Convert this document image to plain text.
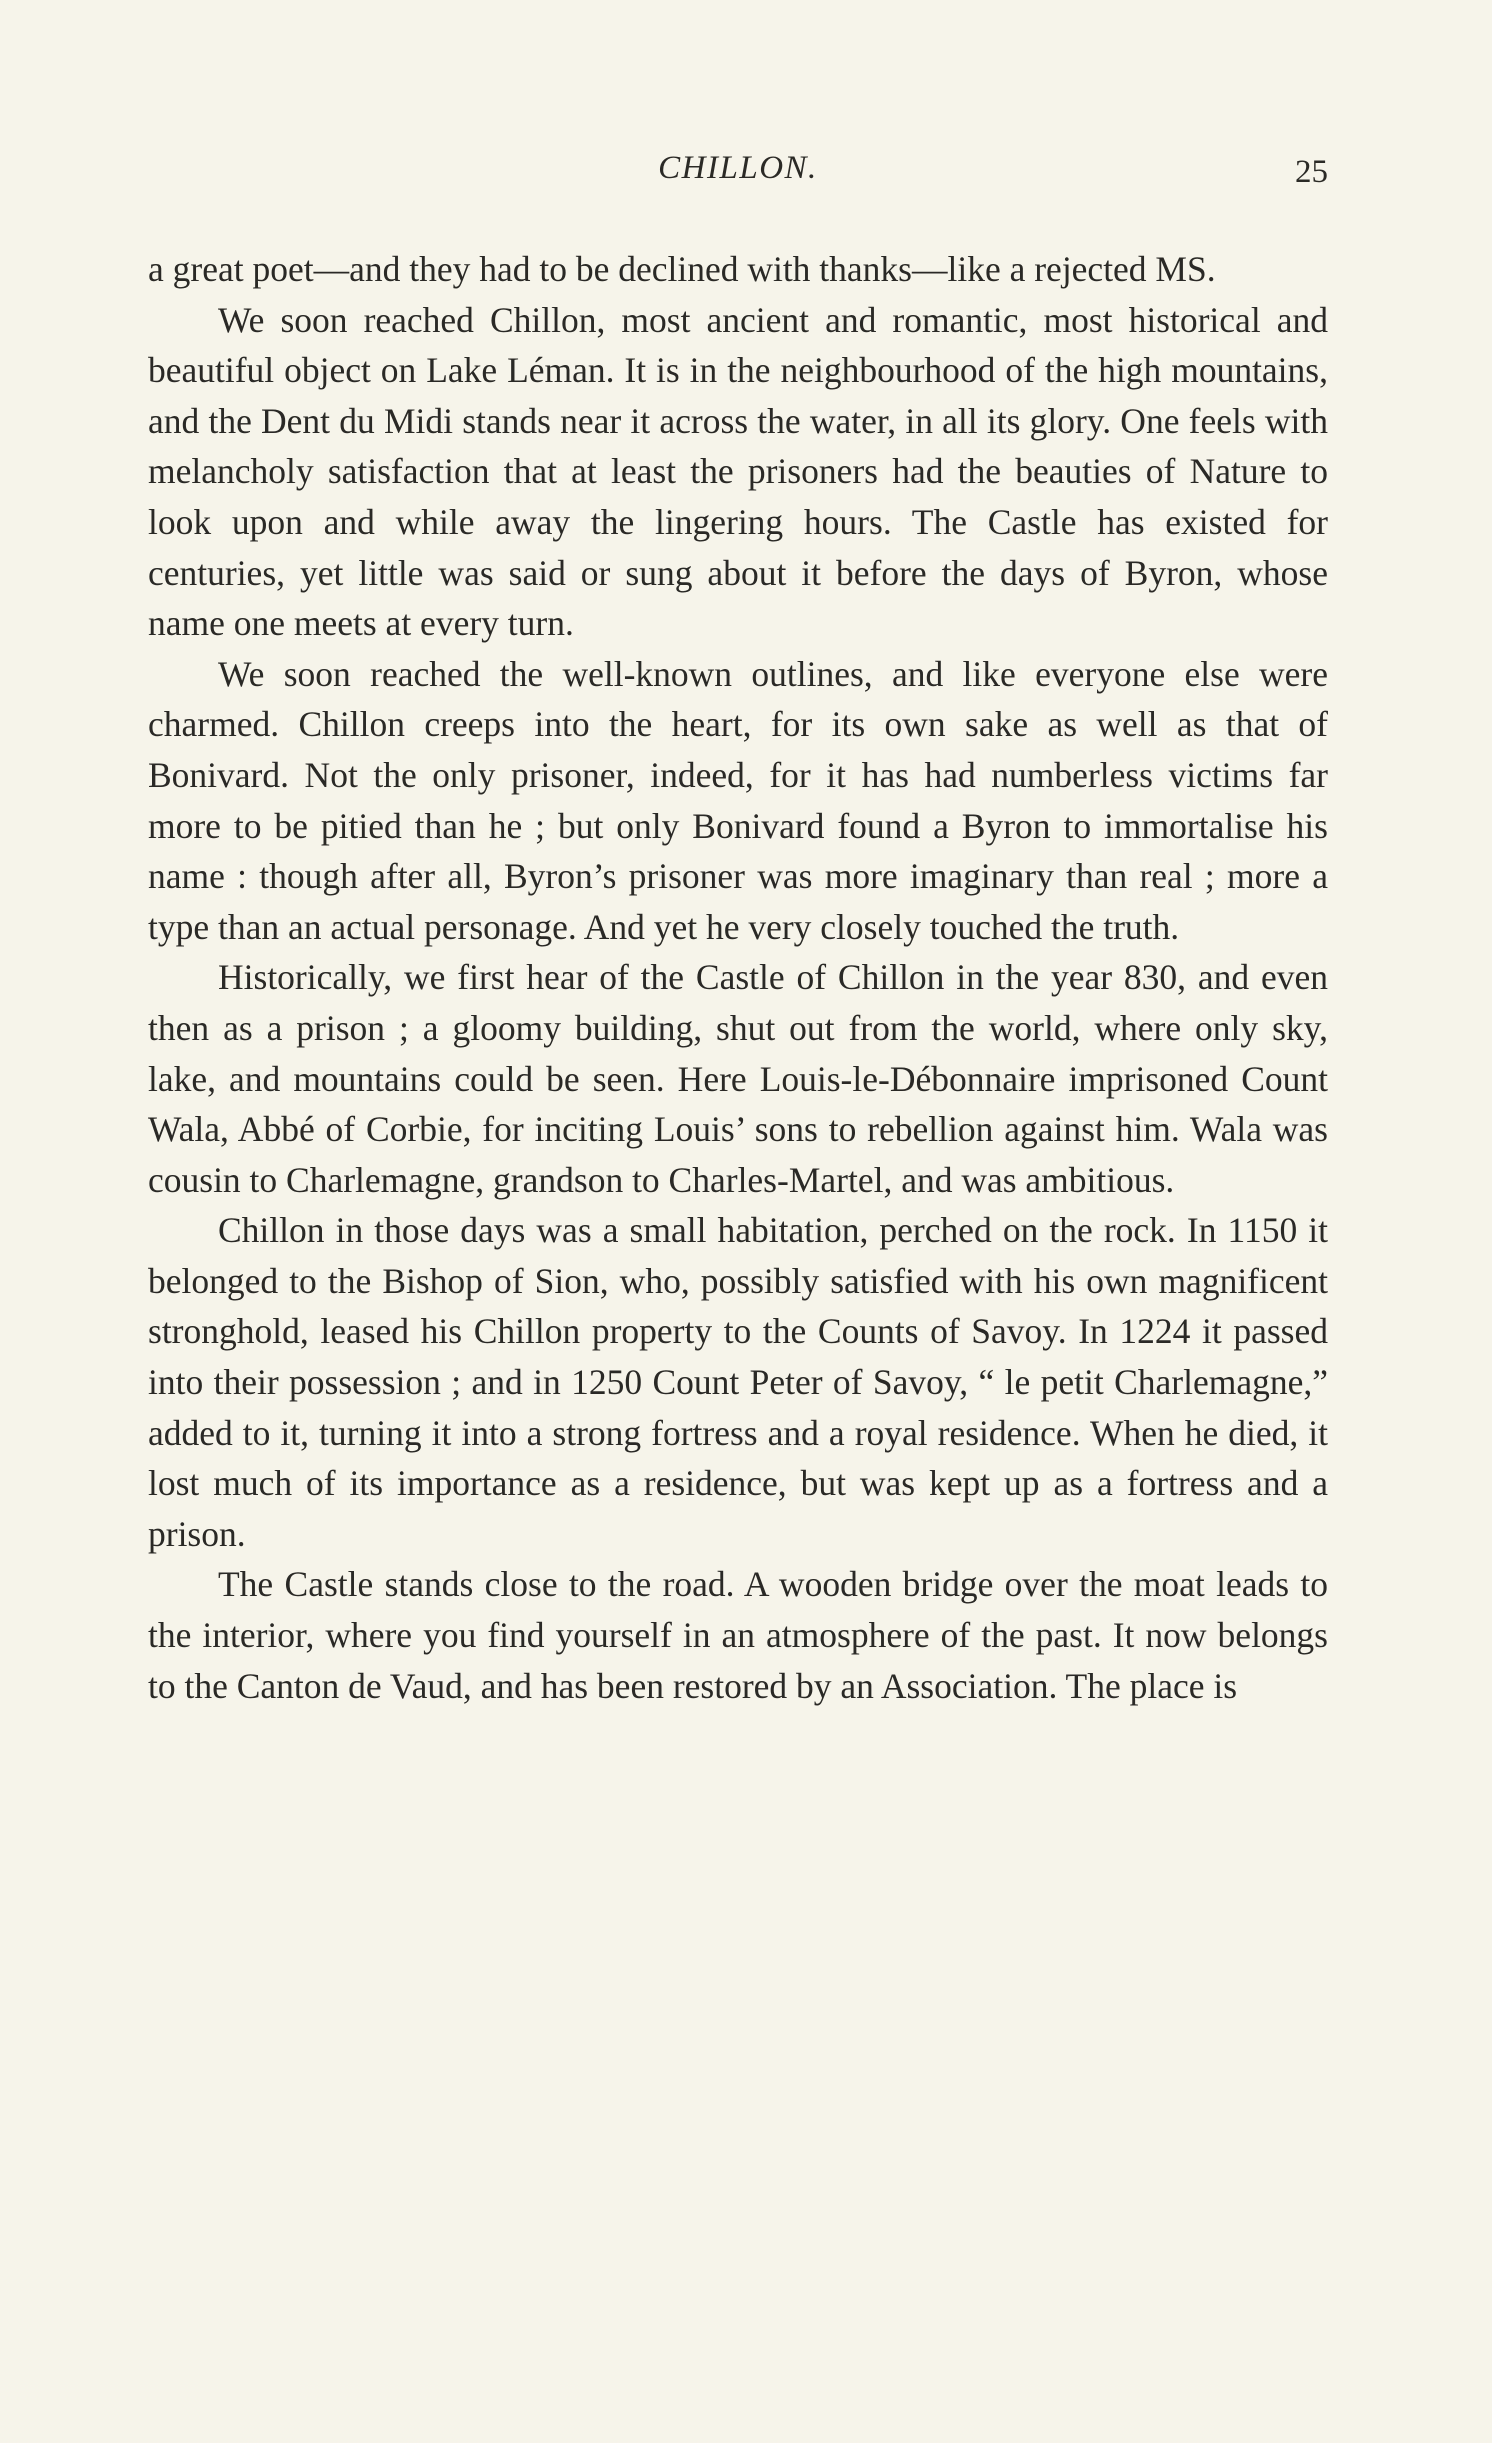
CHILLON.	25

a great poet—and they had to be declined with thanks—like a rejected MS.

We soon reached Chillon, most ancient and romantic, most historical and beautiful object on Lake Léman. It is in the neighbourhood of the high mountains, and the Dent du Midi stands near it across the water, in all its glory. One feels with melancholy satisfaction that at least the prisoners had the beauties of Nature to look upon and while away the lingering hours. The Castle has existed for centuries, yet little was said or sung about it before the days of Byron, whose name one meets at every turn.

We soon reached the well-known outlines, and like everyone else were charmed. Chillon creeps into the heart, for its own sake as well as that of Bonivard. Not the only prisoner, indeed, for it has had numberless victims far more to be pitied than he ; but only Bonivard found a Byron to immortalise his name : though after all, Byron’s prisoner was more imaginary than real ; more a type than an actual personage. And yet he very closely touched the truth.

Historically, we first hear of the Castle of Chillon in the year 830, and even then as a prison ; a gloomy building, shut out from the world, where only sky, lake, and mountains could be seen. Here Louis-le-Débonnaire imprisoned Count Wala, Abbé of Corbie, for inciting Louis’ sons to rebellion against him. Wala was cousin to Charlemagne, grandson to Charles-Martel, and was ambitious.

Chillon in those days was a small habitation, perched on the rock. In 1150 it belonged to the Bishop of Sion, who, possibly satisfied with his own magnificent stronghold, leased his Chillon property to the Counts of Savoy. In 1224 it passed into their possession ; and in 1250 Count Peter of Savoy, “ le petit Charlemagne,” added to it, turning it into a strong fortress and a royal residence. When he died, it lost much of its importance as a residence, but was kept up as a fortress and a prison.

The Castle stands close to the road. A wooden bridge over the moat leads to the interior, where you find yourself in an atmosphere of the past. It now belongs to the Canton de Vaud, and has been restored by an Association. The place is
